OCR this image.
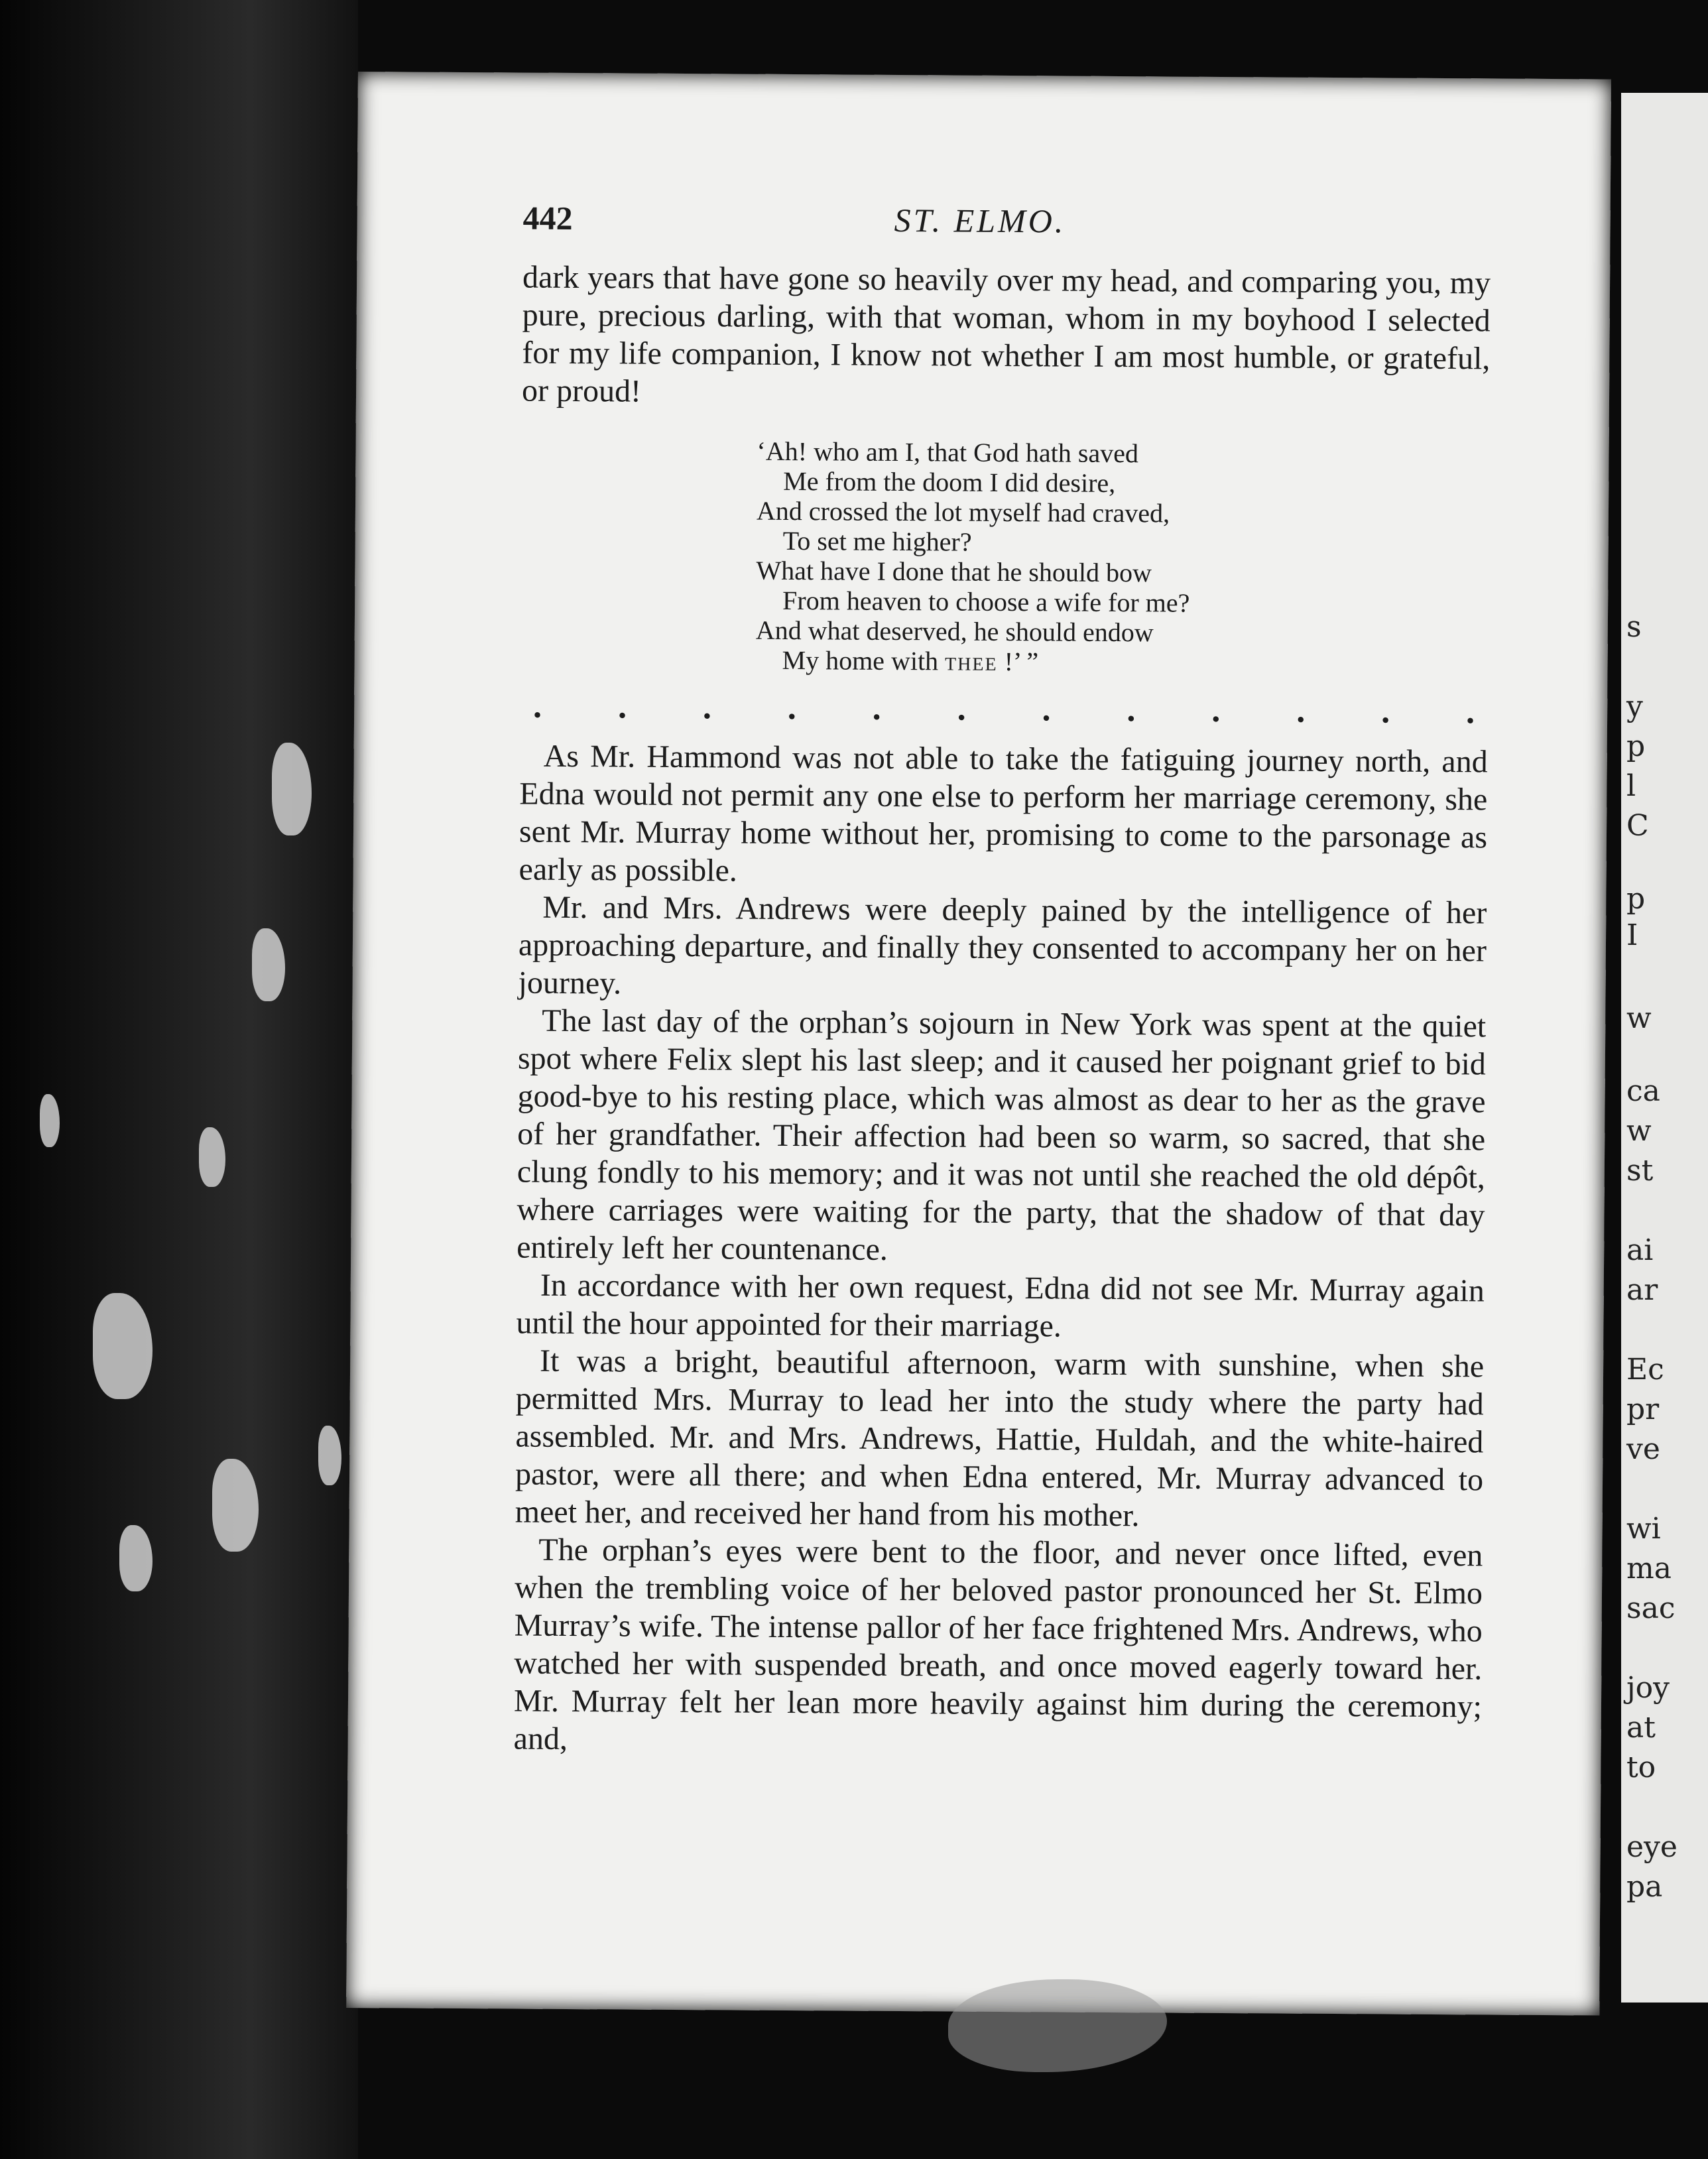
442	ST. ELMO.

dark years that have gone so heavily over my head, and comparing you, my pure, precious darling, with that woman, whom in my boyhood I selected for my life companion, I know not whether I am most humble, or grateful, or proud!

‘Ah! who am I, that God hath saved
Me from the doom I did desire,
And crossed the lot myself had craved,
To set me higher?
What have I done that he should bow
From heaven to choose a wife for me?
And what deserved, he should endow
My home with thee !’ ”
. . . . . . . . . . . .

As Mr. Hammond was not able to take the fatiguing journey north, and Edna would not permit any one else to perform her marriage ceremony, she sent Mr. Murray home without her, promising to come to the parsonage as early as possible.

Mr. and Mrs. Andrews were deeply pained by the intelligence of her approaching departure, and finally they consented to accompany her on her journey.

The last day of the orphan’s sojourn in New York was spent at the quiet spot where Felix slept his last sleep; and it caused her poignant grief to bid good-bye to his resting place, which was almost as dear to her as the grave of her grandfather. Their affection had been so warm, so sacred, that she clung fondly to his memory; and it was not until she reached the old dépôt, where carriages were waiting for the party, that the shadow of that day entirely left her countenance.

In accordance with her own request, Edna did not see Mr. Murray again until the hour appointed for their marriage.

It was a bright, beautiful afternoon, warm with sunshine, when she permitted Mrs. Murray to lead her into the study where the party had assembled. Mr. and Mrs. Andrews, Hattie, Huldah, and the white-haired pastor, were all there; and when Edna entered, Mr. Murray advanced to meet her, and received her hand from his mother.

The orphan’s eyes were bent to the floor, and never once lifted, even when the trembling voice of her beloved pastor pronounced her St. Elmo Murray’s wife. The intense pallor of her face frightened Mrs. Andrews, who watched her with suspended breath, and once moved eagerly toward her. Mr. Murray felt her lean more heavily against him during the ceremony; and,

s
y
p
l
C
p
I
w
ca
w
st
ai
ar
Ec
pr
ve
wi
ma
sac
joy
at
to
eye
pa
